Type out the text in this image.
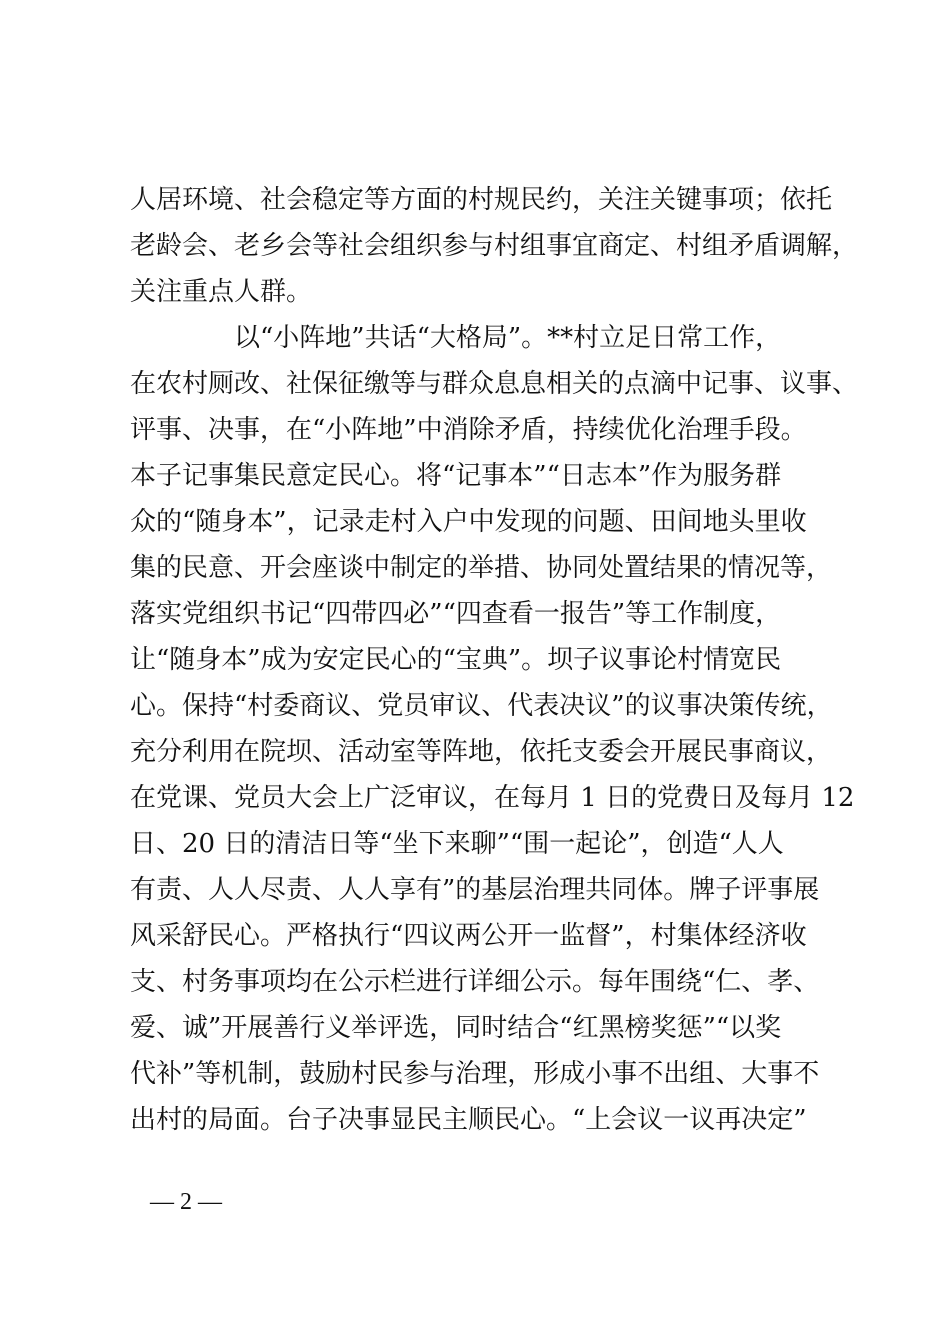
人居环境、社会稳定等方面的村规民约，关注关键事项；依托
老龄会、老乡会等社会组织参与村组事宜商定、村组矛盾调解，
关注重点人群。
以“小阵地”共话“大格局”。**村立足日常工作，
在农村厕改、社保征缴等与群众息息相关的点滴中记事、议事、
评事、决事，在“小阵地”中消除矛盾，持续优化治理手段。
本子记事集民意定民心。将“记事本”“日志本”作为服务群
众的“随身本”，记录走村入户中发现的问题、田间地头里收
集的民意、开会座谈中制定的举措、协同处置结果的情况等，
落实党组织书记“四带四必”“四查看一报告”等工作制度，
让“随身本”成为安定民心的“宝典”。坝子议事论村情宽民
心。保持“村委商议、党员审议、代表决议”的议事决策传统，
充分利用在院坝、活动室等阵地，依托支委会开展民事商议，
在党课、党员大会上广泛审议，在每月 1 日的党费日及每月 12
日、20 日的清洁日等“坐下来聊”“围一起论”，创造“人人
有责、人人尽责、人人享有”的基层治理共同体。牌子评事展
风采舒民心。严格执行“四议两公开一监督”，村集体经济收
支、村务事项均在公示栏进行详细公示。每年围绕“仁、孝、
爱、诚”开展善行义举评选，同时结合“红黑榜奖惩”“以奖
代补”等机制，鼓励村民参与治理，形成小事不出组、大事不
出村的局面。台子决事显民主顺民心。“上会议一议再决定”
— 2 —
